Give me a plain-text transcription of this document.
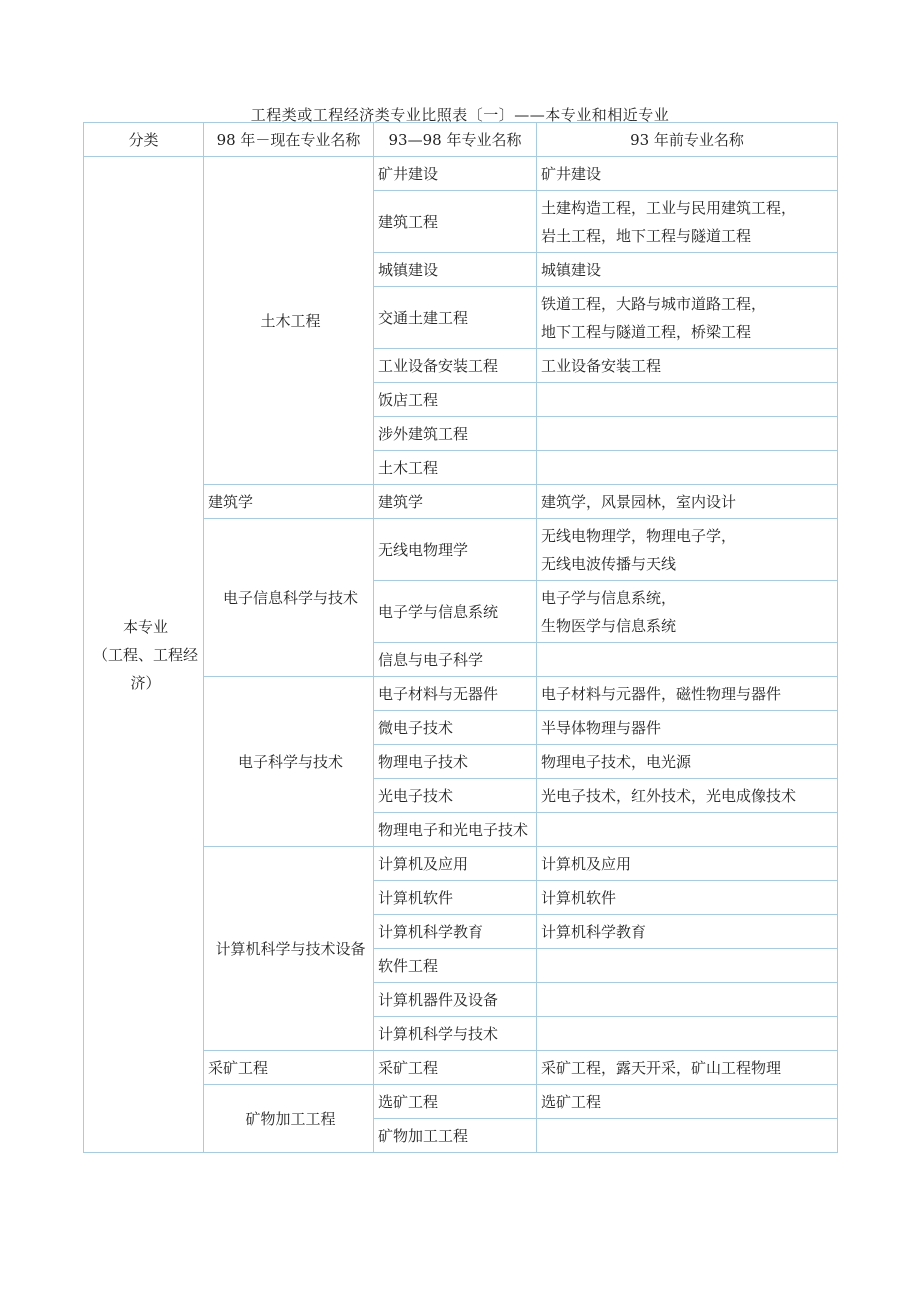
工程类或工程经济类专业比照表〔一〕——本专业和相近专业
分类	98 年－现在专业名称	93—98 年专业名称	93 年前专业名称

本专业
（工程、工程经
济）	土木工程	矿井建设	矿井建设

		建筑工程	土建构造工程，工业与民用建筑工程，
岩土工程，地下工程与隧道工程

		城镇建设	城镇建设

		交通土建工程	铁道工程，大路与城市道路工程，
地下工程与隧道工程，桥梁工程

		工业设备安装工程	工业设备安装工程

		饭店工程	
		涉外建筑工程	
		土木工程	
	建筑学	建筑学	建筑学，风景园林，室内设计

	电子信息科学与技术	无线电物理学	无线电物理学，物理电子学，
无线电波传播与天线

		电子学与信息系统	电子学与信息系统，
生物医学与信息系统

		信息与电子科学	
	电子科学与技术	电子材料与无器件	电子材料与元器件，磁性物理与器件

		微电子技术	半导体物理与器件

		物理电子技术	物理电子技术，电光源

		光电子技术	光电子技术，红外技术，光电成像技术

		物理电子和光电子技术	
	计算机科学与技术设备	计算机及应用	计算机及应用

		计算机软件	计算机软件

		计算机科学教育	计算机科学教育

		软件工程	
		计算机器件及设备	
		计算机科学与技术	
	采矿工程	采矿工程	采矿工程，露天开采，矿山工程物理

	矿物加工工程	选矿工程	选矿工程

		矿物加工工程	
